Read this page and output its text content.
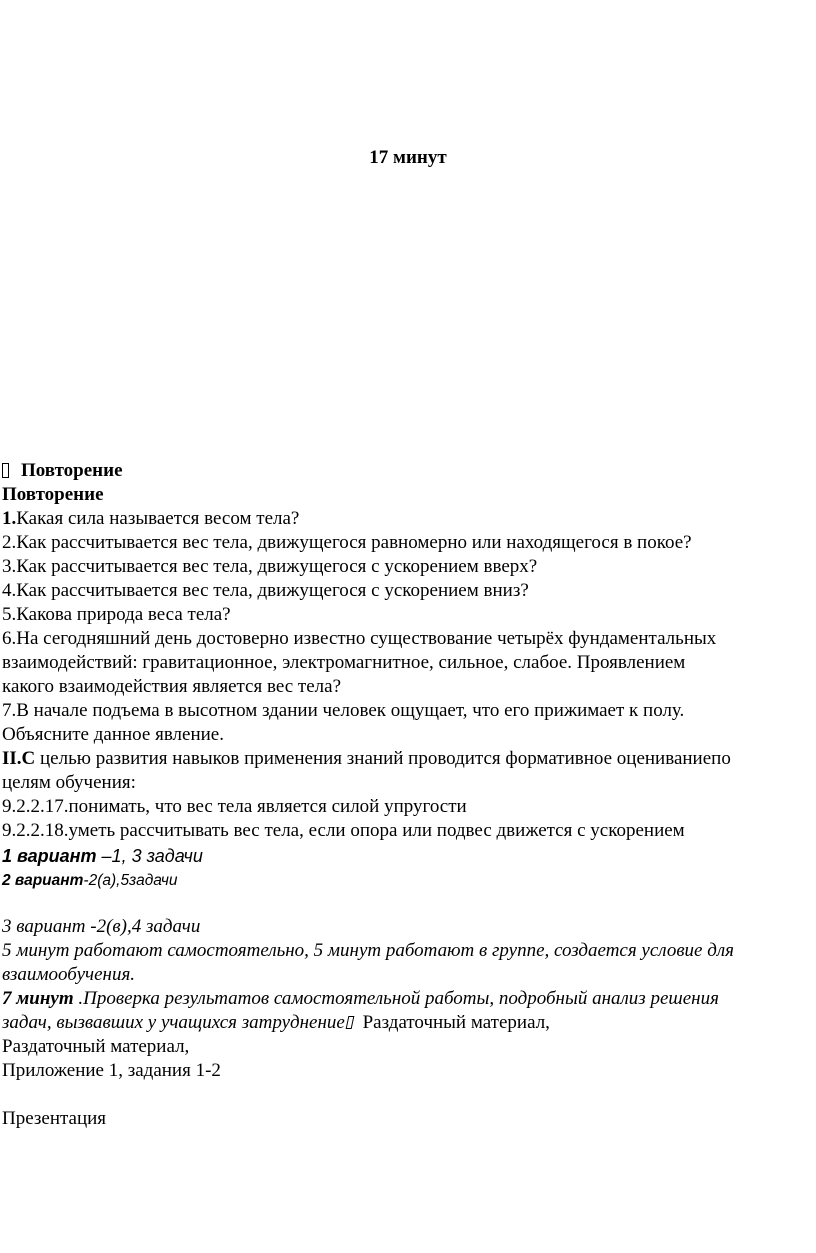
17 минут
Повторение
Повторение
1.Какая сила называется весом тела?
2.Как рассчитывается вес тела, движущегося равномерно или находящегося в покое?
3.Как рассчитывается вес тела, движущегося с ускорением вверх?
4.Как рассчитывается вес тела, движущегося с ускорением вниз?
5.Какова природа веса тела?
6.На сегодняшний день достоверно известно существование четырёх фундаментальных
взаимодействий: гравитационное, электромагнитное, сильное, слабое. Проявлением
какого взаимодействия является вес тела?
7.В начале подъема в высотном здании человек ощущает, что его прижимает к полу.
Объясните данное явление.
II.С целью развития навыков применения знаний проводится формативное оцениваниепо
целям обучения:
9.2.2.17.понимать, что вес тела является силой упругости
9.2.2.18.уметь рассчитывать вес тела, если опора или подвес движется с ускорением
1 вариант –1, 3 задачи
2 вариант-2(а),5задачи
3 вариант -2(в),4 задачи
5 минут работают самостоятельно, 5 минут работают в группе, создается условие для
взаимообучения.
7 минут .Проверка результатов самостоятельной работы, подробный анализ решения
задач, вызвавших у учащихся затруднение Раздаточный материал,
Раздаточный материал,
Приложение 1, задания 1-2
Презентация
